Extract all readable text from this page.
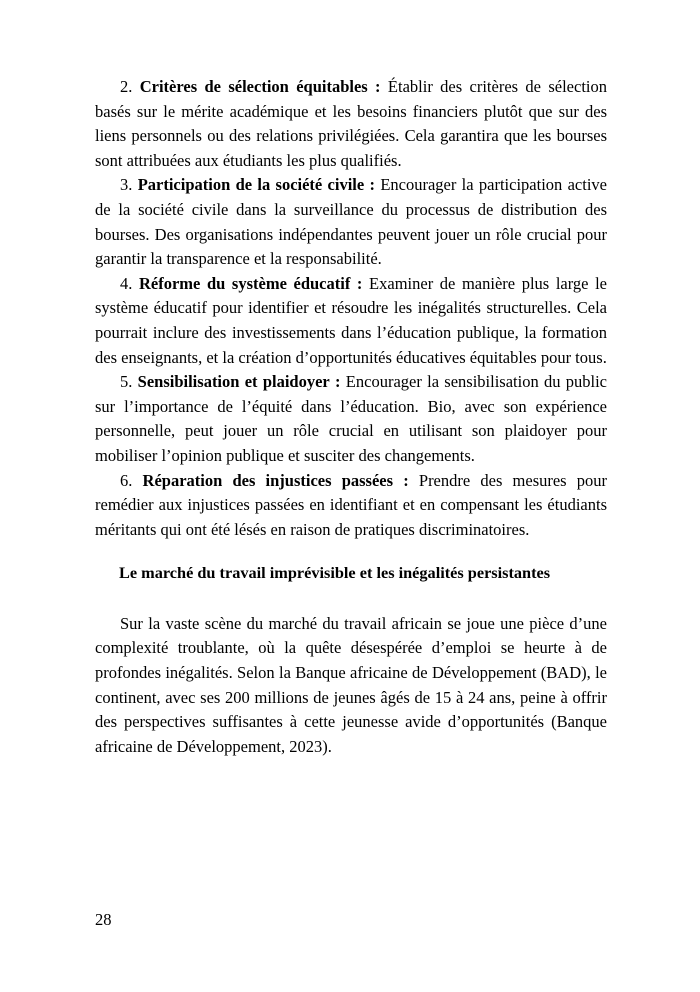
2. Critères de sélection équitables : Établir des critères de sélection basés sur le mérite académique et les besoins financiers plutôt que sur des liens personnels ou des relations privilégiées. Cela garantira que les bourses sont attribuées aux étudiants les plus qualifiés.

3. Participation de la société civile : Encourager la participation active de la société civile dans la surveillance du processus de distribution des bourses. Des organisations indépendantes peuvent jouer un rôle crucial pour garantir la transparence et la responsabilité.

4. Réforme du système éducatif : Examiner de manière plus large le système éducatif pour identifier et résoudre les inégalités structurelles. Cela pourrait inclure des investissements dans l’éducation publique, la formation des enseignants, et la création d’opportunités éducatives équitables pour tous.

5. Sensibilisation et plaidoyer : Encourager la sensibilisation du public sur l’importance de l’équité dans l’éducation. Bio, avec son expérience personnelle, peut jouer un rôle crucial en utilisant son plaidoyer pour mobiliser l’opinion publique et susciter des changements.

6. Réparation des injustices passées : Prendre des mesures pour remédier aux injustices passées en identifiant et en compensant les étudiants méritants qui ont été lésés en raison de pratiques discriminatoires.

Le marché du travail imprévisible et les inégalités persistantes

Sur la vaste scène du marché du travail africain se joue une pièce d’une complexité troublante, où la quête désespérée d’emploi se heurte à de profondes inégalités. Selon la Banque africaine de Développement (BAD), le continent, avec ses 200 millions de jeunes âgés de 15 à 24 ans, peine à offrir des perspectives suffisantes à cette jeunesse avide d’opportunités (Banque africaine de Développement, 2023).

28
